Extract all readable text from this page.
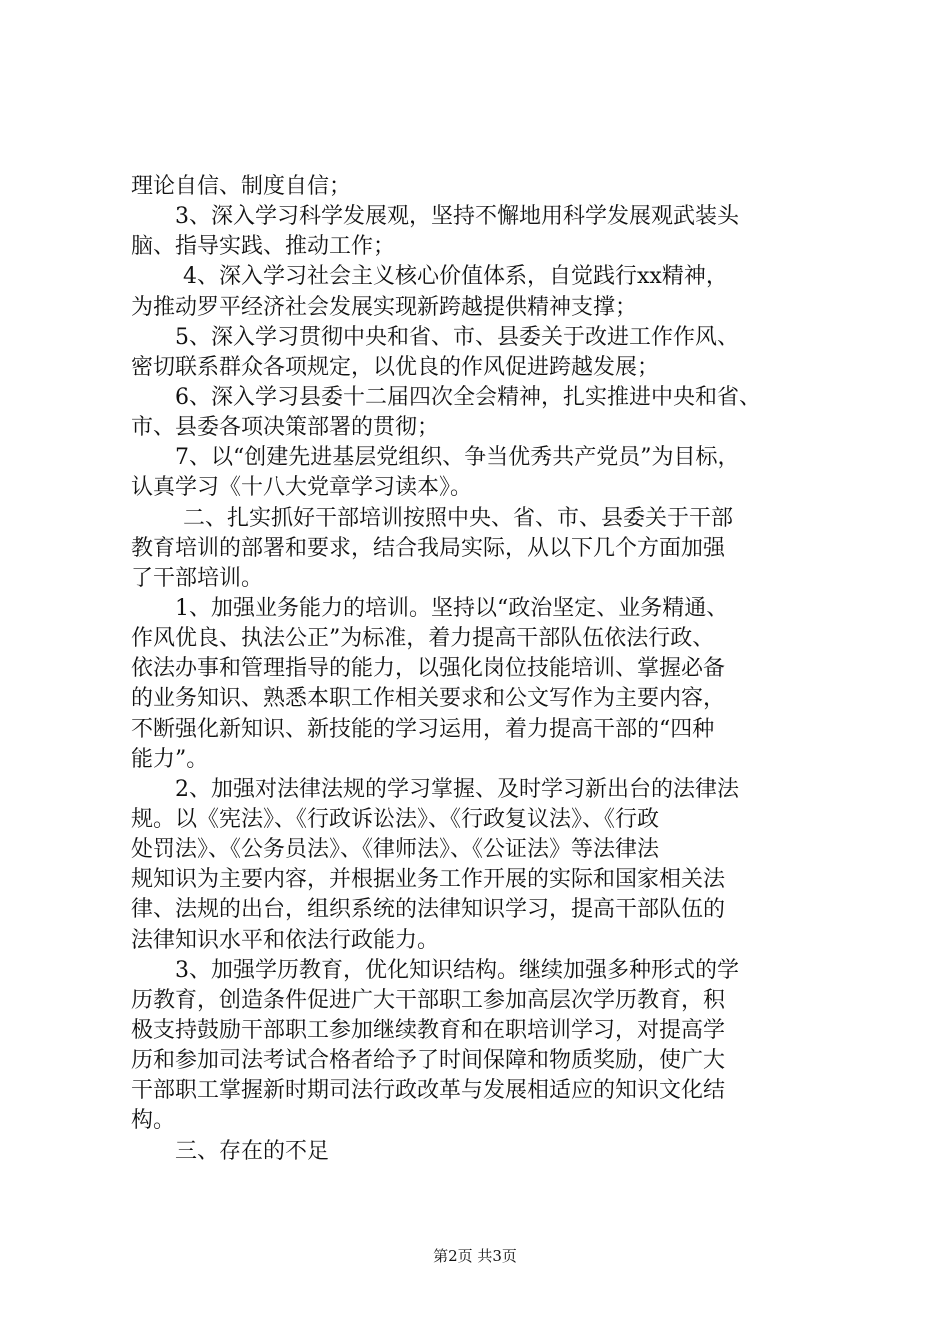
理论自信、制度自信；
3、深入学习科学发展观，坚持不懈地用科学发展观武装头
脑、指导实践、推动工作；
4、深入学习社会主义核心价值体系，自觉践行xx精神，
为推动罗平经济社会发展实现新跨越提供精神支撑；
5、深入学习贯彻中央和省、市、县委关于改进工作作风、
密切联系群众各项规定，以优良的作风促进跨越发展；
6、深入学习县委十二届四次全会精神，扎实推进中央和省、
市、县委各项决策部署的贯彻；
7、以“创建先进基层党组织、争当优秀共产党员”为目标，
认真学习《十八大党章学习读本》。
二、扎实抓好干部培训按照中央、省、市、县委关于干部
教育培训的部署和要求，结合我局实际，从以下几个方面加强
了干部培训。
1、加强业务能力的培训。坚持以“政治坚定、业务精通、
作风优良、执法公正”为标准，着力提高干部队伍依法行政、
依法办事和管理指导的能力，以强化岗位技能培训、掌握必备
的业务知识、熟悉本职工作相关要求和公文写作为主要内容，
不断强化新知识、新技能的学习运用，着力提高干部的“四种
能力”。
2、加强对法律法规的学习掌握、及时学习新出台的法律法
规。以《宪法》、《行政诉讼法》、《行政复议法》、《行政
处罚法》、《公务员法》、《律师法》、《公证法》等法律法
规知识为主要内容，并根据业务工作开展的实际和国家相关法
律、法规的出台，组织系统的法律知识学习，提高干部队伍的
法律知识水平和依法行政能力。
3、加强学历教育，优化知识结构。继续加强多种形式的学
历教育，创造条件促进广大干部职工参加高层次学历教育，积
极支持鼓励干部职工参加继续教育和在职培训学习，对提高学
历和参加司法考试合格者给予了时间保障和物质奖励，使广大
干部职工掌握新时期司法行政改革与发展相适应的知识文化结
构。
三、存在的不足
第2页 共3页
